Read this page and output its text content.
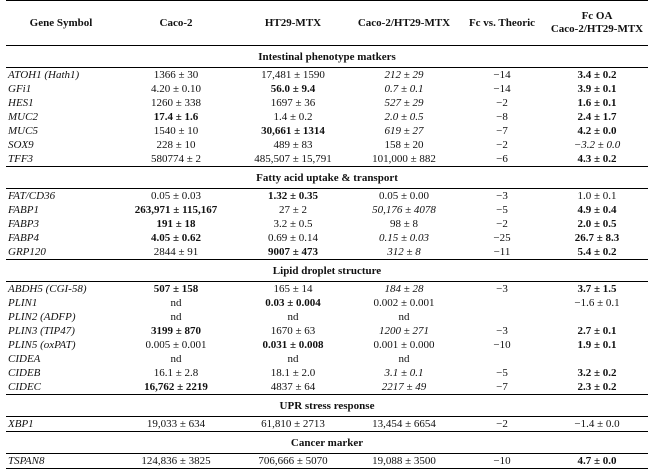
Gene Symbol	Caco-2	HT29-MTX	Caco-2/HT29-MTX	Fc vs. Theoric	Fc OA
Caco-2/HT29-MTX
Intestinal phenotype matkers					
ATOH1 (Hath1)	1366 ± 30	17,481 ± 1590	212 ± 29	−14	3.4 ± 0.2
GFi1	4.20 ± 0.10	56.0 ± 9.4	0.7 ± 0.1	−14	3.9 ± 0.1
HES1	1260 ± 338	1697 ± 36	527 ± 29	−2	1.6 ± 0.1
MUC2	17.4 ± 1.6	1.4 ± 0.2	2.0 ± 0.5	−8	2.4 ± 1.7
MUC5	1540 ± 10	30,661 ± 1314	619 ± 27	−7	4.2 ± 0.0
SOX9	228 ± 10	489 ± 83	158 ± 20	−2	−3.2 ± 0.0
TFF3	580774 ± 2	485,507 ± 15,791	101,000 ± 882	−6	4.3 ± 0.2
Fatty acid uptake & transport					
FAT/CD36	0.05 ± 0.03	1.32 ± 0.35	0.05 ± 0.00	−3	1.0 ± 0.1
FABP1	263,971 ± 115,167	27 ± 2	50,176 ± 4078	−5	4.9 ± 0.4
FABP3	191 ± 18	3.2 ± 0.5	98 ± 8	−2	2.0 ± 0.5
FABP4	4.05 ± 0.62	0.69 ± 0.14	0.15 ± 0.03	−25	26.7 ± 8.3
GRP120	2844 ± 91	9007 ± 473	312 ± 8	−11	5.4 ± 0.2
Lipid droplet structure					
ABDH5 (CGI-58)	507 ± 158	165 ± 14	184 ± 28	−3	3.7 ± 1.5
PLIN1	nd	0.03 ± 0.004	0.002 ± 0.001		−1.6 ± 0.1
PLIN2 (ADFP)	nd	nd	nd		
PLIN3 (TIP47)	3199 ± 870	1670 ± 63	1200 ± 271	−3	2.7 ± 0.1
PLIN5 (oxPAT)	0.005 ± 0.001	0.031 ± 0.008	0.001 ± 0.000	−10	1.9 ± 0.1
CIDEA	nd	nd	nd		
CIDEB	16.1 ± 2.8	18.1 ± 2.0	3.1 ± 0.1	−5	3.2 ± 0.2
CIDEC	16,762 ± 2219	4837 ± 64	2217 ± 49	−7	2.3 ± 0.2
UPR stress response					
XBP1	19,033 ± 634	61,810 ± 2713	13,454 ± 6654	−2	−1.4 ± 0.0
Cancer marker					
TSPAN8	124,836 ± 3825	706,666 ± 5070	19,088 ± 3500	−10	4.7 ± 0.0
